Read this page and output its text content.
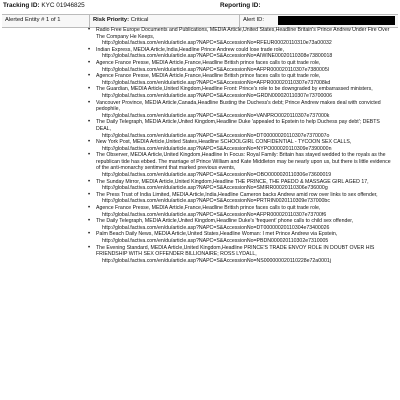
Tracking ID: KYC 01946825	Reporting ID:
Alerted Entity # 1 of 1	Risk Priority: Critical	Alert ID:
• Radio Free Europe Documents and Publications, MEDIA Article,United States,Headline Britain's Prince Andrew Under Fire Over The Company He Keeps,
http://global.factiva.com/en/du/article.asp?NAPC=S&AccessionNo=RFEUR00020110310e73a00032
• Indian Express, MEDIA Article,India,Headline Prince Andrew could lose trade role,
http://global.factiva.com/en/du/article.asp?NAPC=S&AccessionNo=AIWINE00020110308e73800018
• Agence France Presse, MEDIA Article,France,Headline British prince faces calls to quit trade role,
http://global.factiva.com/en/du/article.asp?NAPC=S&AccessionNo=AFPR000020110307e7380005l
• Agence France Presse, MEDIA Article,France,Headline British prince faces calls to quit trade role,
http://global.factiva.com/en/du/article.asp?NAPC=S&AccessionNo=AFPR000020110307e737008kd
• The Guardian, MEDIA Article,United Kingdom,Headline Front: Prince's role to be downgraded by embarrassed ministers,
http://global.factiva.com/en/du/article.asp?NAPC=S&AccessionNo=GRDN000020110307e73700006
• Vancouver Province, MEDIA Article,Canada,Headline Busting the Duchess's debt; Prince Andrew makes deal with convicted pedophile,
http://global.factiva.com/en/du/article.asp?NAPC=S&AccessionNo=VANPRO0020110307e737000k
• The Daily Telegraph, MEDIA Article,United Kingdom,Headline Duke 'appealed to Epstein to help Duchess pay debt'; DEBTS DEAL,
http://global.factiva.com/en/du/article.asp?NAPC=S&AccessionNo=DT00000020110307e7370007o
• New York Post, MEDIA Article,United States,Headline SCHOOLGIRL CONFIDENTIAL - TYCOON SEX CALLS,
http://global.factiva.com/en/du/article.asp?NAPC=S&AccessionNo=NYPO000020110309e7390000n
• The Observer, MEDIA Article,United Kingdom,Headline In Focus: Royal Family: Britain has stayed wedded to the royals as the republican tide has ebbed. The marriage of Prince William and Kate Middleton may be nearly upon us, but there is little evidence of the anti-monarchy sentiment that marked previous events,
http://global.factiva.com/en/du/article.asp?NAPC=S&AccessionNo=OBO0000020110306e73600019
• The Sunday Mirror, MEDIA Article,United Kingdom,Headline THE PRINCE, THE PAEDO & MASSAGE GIRL AGED 17,
http://global.factiva.com/en/du/article.asp?NAPC=S&AccessionNo=SMIRR00020110306e736000g
• The Press Trust of India Limited, MEDIA Article,India,Headline Cameron backs Andrew amid row over links to sex offender,
http://global.factiva.com/en/du/article.asp?NAPC=S&AccessionNo=PRTRIN0020110309e737000bc
• Agence France Presse, MEDIA Article,France,Headline British prince faces calls to quit trade role,
http://global.factiva.com/en/du/article.asp?NAPC=S&AccessionNo=AFPR000020110307e73700f6
• The Daily Telegraph, MEDIA Article,United Kingdom,Headline Duke's 'frequent' phone calls to child sex offender,
http://global.factiva.com/en/du/article.asp?NAPC=S&AccessionNo=DT00000020110304e73400026
• Palm Beach Daily News, MEDIA Article,United States,Headline Woman: I met Prince Andrew via Epstein,
http://global.factiva.com/en/du/article.asp?NAPC=S&AccessionNo=PBDN000020110302e7310005
• The Evening Standard, MEDIA Article,United Kingdom,Headline PRINCE'S TRADE ENVOY ROLE IN DOUBT OVER HIS FRIENDSHIP WITH SEX OFFENDER BILLIONAIRE; ROSS LYDALL,
http://global.factiva.com/en/du/article.asp?NAPC=S&AccessionNo=NS000000020110228e72a0001j
